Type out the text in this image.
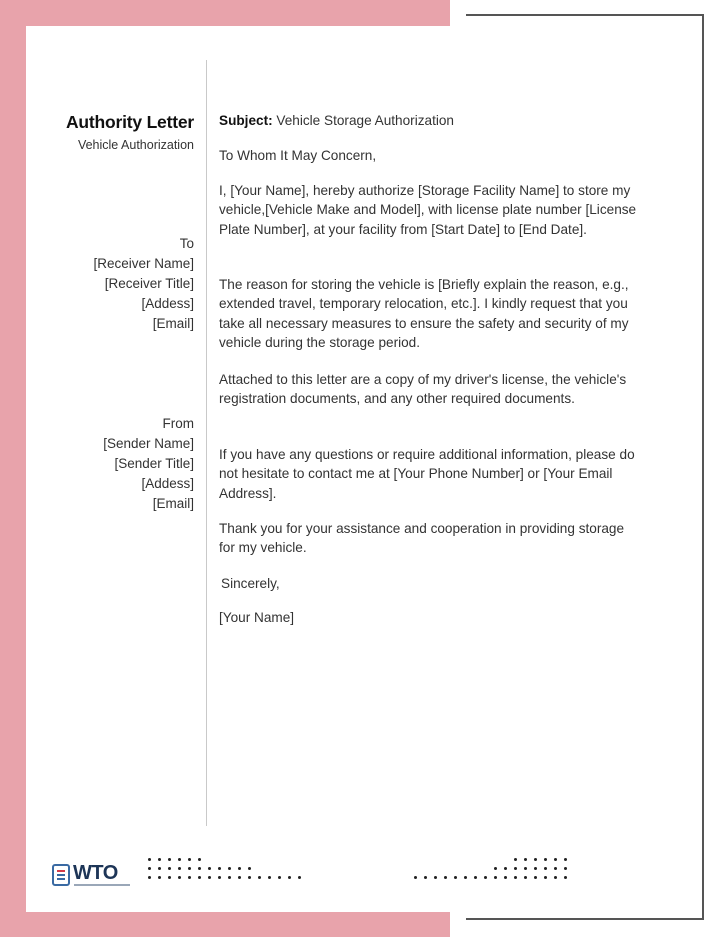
Authority Letter
Vehicle Authorization
To
[Receiver Name]
[Receiver Title]
[Addess]
[Email]
From
[Sender Name]
[Sender Title]
[Addess]
[Email]

Subject: Vehicle Storage Authorization

To Whom It May Concern,

I, [Your Name], hereby authorize [Storage Facility Name] to store my vehicle,[Vehicle Make and Model], with license plate number [License Plate Number], at your facility from [Start Date] to [End Date].

The reason for storing the vehicle is [Briefly explain the reason, e.g., extended travel, temporary relocation, etc.]. I kindly request that you take all necessary measures to ensure the safety and security of my vehicle during the storage period.

Attached to this letter are a copy of my driver's license, the vehicle's registration documents, and any other required documents.

If you have any questions or require additional information, please do not hesitate to contact me at [Your Phone Number] or [Your Email Address].

Thank you for your assistance and cooperation in providing storage for my vehicle.

Sincerely,

[Your Name]

WTO
